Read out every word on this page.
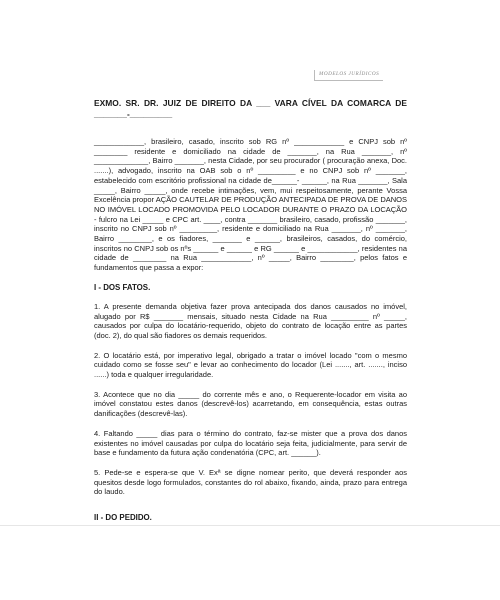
MODELOS JURÍDICOS
EXMO. SR. DR. JUIZ DE DIREITO DA ___ VARA CÍVEL DA COMARCA DE _______-_________
____________, brasileiro, casado, inscrito sob RG nº ____________ e CNPJ sob nº ________ residente e domiciliado na cidade de _______, na Rua _______, nº _____________, Bairro _______, nesta Cidade, por seu procurador ( procuração anexa, Doc. .......), advogado, inscrito na OAB sob o nº _________ e no CNPJ sob nº _______, estabelecido com escritório profissional na cidade de______- ______, na Rua _______, Sala _____, Bairro _____, onde recebe intimações, vem, mui respeitosamente, perante Vossa Excelência propor AÇÃO CAUTELAR DE PRODUÇÃO ANTECIPADA DE PROVA DE DANOS NO IMÓVEL LOCADO PROMOVIDA PELO LOCADOR DURANTE O PRAZO DA LOCAÇÃO - fulcro na Lei _____ e CPC art. ____, contra _______ brasileiro, casado, profissão _______, inscrito no CNPJ sob nº _________, residente e domiciliado na Rua _______, nº _______, Bairro ________, e os fiadores, _______ e ______, brasileiros, casados, do comércio, inscritos no CNPJ sob os nºs ______ e ______ e RG ______ e ____________, residentes na cidade de ________ na Rua ____________, nº _____, Bairro ________, pelos fatos e fundamentos que passa a expor:
I - DOS FATOS.
1. A presente demanda objetiva fazer prova antecipada dos danos causados no imóvel, alugado por R$ _______ mensais, situado nesta Cidade na Rua _________ nº _____, causados por culpa do locatário-requerido, objeto do contrato de locação entre as partes (doc. 2), do qual são fiadores os demais requeridos.
2. O locatário está, por imperativo legal, obrigado a tratar o imóvel locado "com o mesmo cuidado como se fosse seu" e levar ao conhecimento do locador (Lei ......., art. ......., inciso ......) toda e qualquer irregularidade.
3. Acontece que no dia _____ do corrente mês e ano, o Requerente-locador em visita ao imóvel constatou estes danos (descrevê-los) acarretando, em consequência, estas outras danificações (descrevê-las).
4. Faltando _____ dias para o término do contrato, faz-se mister que a prova dos danos existentes no imóvel causadas por culpa do locatário seja feita, judicialmente, para servir de base e fundamento da futura ação condenatória (CPC, art. ______).
5. Pede-se e espera-se que V. Exª se digne nomear perito, que deverá responder aos quesitos desde logo formulados, constantes do rol abaixo, fixando, ainda, prazo para entrega do laudo.
II - DO PEDIDO.
